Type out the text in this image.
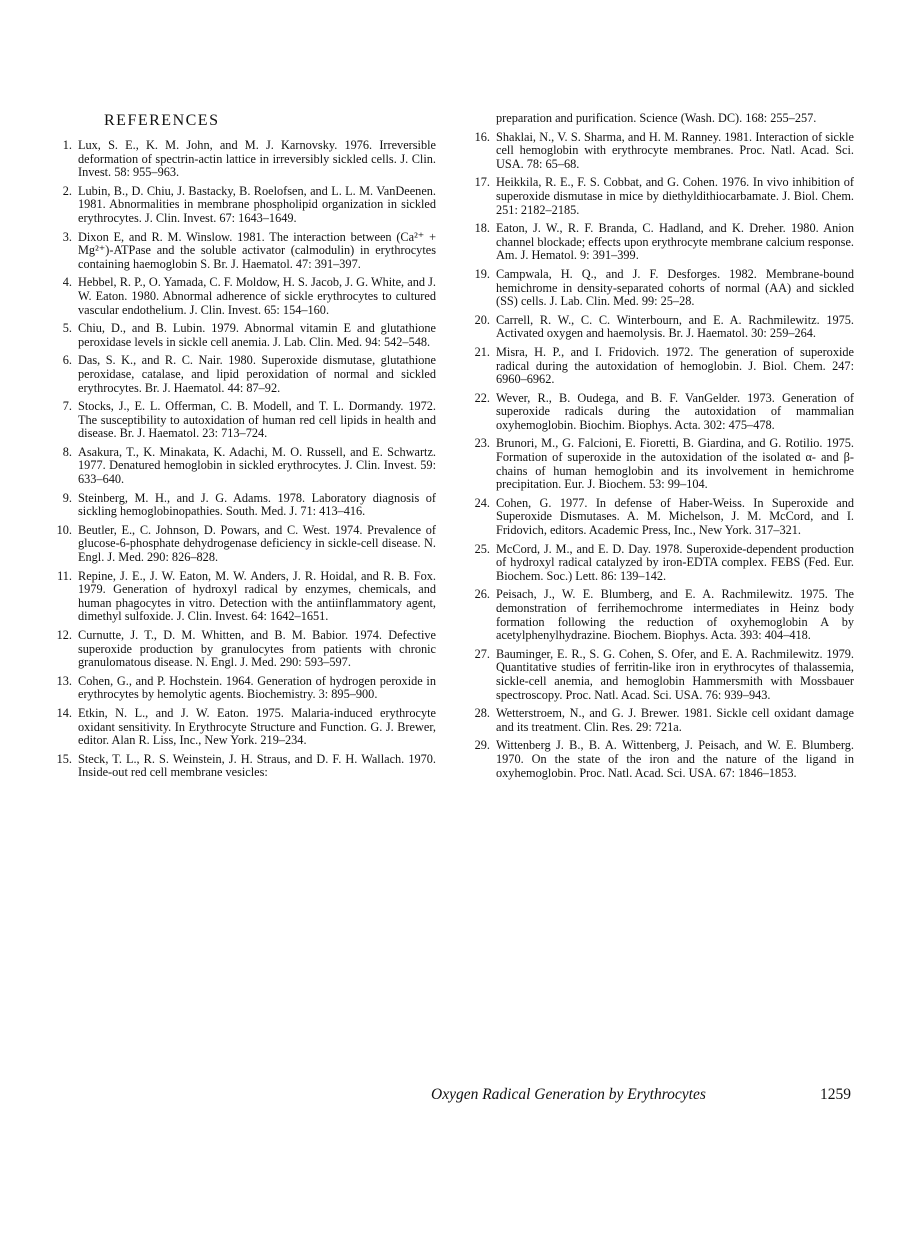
REFERENCES
1. Lux, S. E., K. M. John, and M. J. Karnovsky. 1976. Irreversible deformation of spectrin-actin lattice in irreversibly sickled cells. J. Clin. Invest. 58: 955–963.
2. Lubin, B., D. Chiu, J. Bastacky, B. Roelofsen, and L. L. M. VanDeenen. 1981. Abnormalities in membrane phospholipid organization in sickled erythrocytes. J. Clin. Invest. 67: 1643–1649.
3. Dixon E, and R. M. Winslow. 1981. The interaction between (Ca²⁺ + Mg²⁺)-ATPase and the soluble activator (calmodulin) in erythrocytes containing haemoglobin S. Br. J. Haematol. 47: 391–397.
4. Hebbel, R. P., O. Yamada, C. F. Moldow, H. S. Jacob, J. G. White, and J. W. Eaton. 1980. Abnormal adherence of sickle erythrocytes to cultured vascular endothelium. J. Clin. Invest. 65: 154–160.
5. Chiu, D., and B. Lubin. 1979. Abnormal vitamin E and glutathione peroxidase levels in sickle cell anemia. J. Lab. Clin. Med. 94: 542–548.
6. Das, S. K., and R. C. Nair. 1980. Superoxide dismutase, glutathione peroxidase, catalase, and lipid peroxidation of normal and sickled erythrocytes. Br. J. Haematol. 44: 87–92.
7. Stocks, J., E. L. Offerman, C. B. Modell, and T. L. Dormandy. 1972. The susceptibility to autoxidation of human red cell lipids in health and disease. Br. J. Haematol. 23: 713–724.
8. Asakura, T., K. Minakata, K. Adachi, M. O. Russell, and E. Schwartz. 1977. Denatured hemoglobin in sickled erythrocytes. J. Clin. Invest. 59: 633–640.
9. Steinberg, M. H., and J. G. Adams. 1978. Laboratory diagnosis of sickling hemoglobinopathies. South. Med. J. 71: 413–416.
10. Beutler, E., C. Johnson, D. Powars, and C. West. 1974. Prevalence of glucose-6-phosphate dehydrogenase deficiency in sickle-cell disease. N. Engl. J. Med. 290: 826–828.
11. Repine, J. E., J. W. Eaton, M. W. Anders, J. R. Hoidal, and R. B. Fox. 1979. Generation of hydroxyl radical by enzymes, chemicals, and human phagocytes in vitro. Detection with the antiinflammatory agent, dimethyl sulfoxide. J. Clin. Invest. 64: 1642–1651.
12. Curnutte, J. T., D. M. Whitten, and B. M. Babior. 1974. Defective superoxide production by granulocytes from patients with chronic granulomatous disease. N. Engl. J. Med. 290: 593–597.
13. Cohen, G., and P. Hochstein. 1964. Generation of hydrogen peroxide in erythrocytes by hemolytic agents. Biochemistry. 3: 895–900.
14. Etkin, N. L., and J. W. Eaton. 1975. Malaria-induced erythrocyte oxidant sensitivity. In Erythrocyte Structure and Function. G. J. Brewer, editor. Alan R. Liss, Inc., New York. 219–234.
15. Steck, T. L., R. S. Weinstein, J. H. Straus, and D. F. H. Wallach. 1970. Inside-out red cell membrane vesicles:
preparation and purification. Science (Wash. DC). 168: 255–257.
16. Shaklai, N., V. S. Sharma, and H. M. Ranney. 1981. Interaction of sickle cell hemoglobin with erythrocyte membranes. Proc. Natl. Acad. Sci. USA. 78: 65–68.
17. Heikkila, R. E., F. S. Cobbat, and G. Cohen. 1976. In vivo inhibition of superoxide dismutase in mice by diethyldithiocarbamate. J. Biol. Chem. 251: 2182–2185.
18. Eaton, J. W., R. F. Branda, C. Hadland, and K. Dreher. 1980. Anion channel blockade; effects upon erythrocyte membrane calcium response. Am. J. Hematol. 9: 391–399.
19. Campwala, H. Q., and J. F. Desforges. 1982. Membrane-bound hemichrome in density-separated cohorts of normal (AA) and sickled (SS) cells. J. Lab. Clin. Med. 99: 25–28.
20. Carrell, R. W., C. C. Winterbourn, and E. A. Rachmilewitz. 1975. Activated oxygen and haemolysis. Br. J. Haematol. 30: 259–264.
21. Misra, H. P., and I. Fridovich. 1972. The generation of superoxide radical during the autoxidation of hemoglobin. J. Biol. Chem. 247: 6960–6962.
22. Wever, R., B. Oudega, and B. F. VanGelder. 1973. Generation of superoxide radicals during the autoxidation of mammalian oxyhemoglobin. Biochim. Biophys. Acta. 302: 475–478.
23. Brunori, M., G. Falcioni, E. Fioretti, B. Giardina, and G. Rotilio. 1975. Formation of superoxide in the autoxidation of the isolated α- and β-chains of human hemoglobin and its involvement in hemichrome precipitation. Eur. J. Biochem. 53: 99–104.
24. Cohen, G. 1977. In defense of Haber-Weiss. In Superoxide and Superoxide Dismutases. A. M. Michelson, J. M. McCord, and I. Fridovich, editors. Academic Press, Inc., New York. 317–321.
25. McCord, J. M., and E. D. Day. 1978. Superoxide-dependent production of hydroxyl radical catalyzed by iron-EDTA complex. FEBS (Fed. Eur. Biochem. Soc.) Lett. 86: 139–142.
26. Peisach, J., W. E. Blumberg, and E. A. Rachmilewitz. 1975. The demonstration of ferrihemochrome intermediates in Heinz body formation following the reduction of oxyhemoglobin A by acetylphenylhydrazine. Biochem. Biophys. Acta. 393: 404–418.
27. Bauminger, E. R., S. G. Cohen, S. Ofer, and E. A. Rachmilewitz. 1979. Quantitative studies of ferritin-like iron in erythrocytes of thalassemia, sickle-cell anemia, and hemoglobin Hammersmith with Mossbauer spectroscopy. Proc. Natl. Acad. Sci. USA. 76: 939–943.
28. Wetterstroem, N., and G. J. Brewer. 1981. Sickle cell oxidant damage and its treatment. Clin. Res. 29: 721a.
29. Wittenberg J. B., B. A. Wittenberg, J. Peisach, and W. E. Blumberg. 1970. On the state of the iron and the nature of the ligand in oxyhemoglobin. Proc. Natl. Acad. Sci. USA. 67: 1846–1853.
Oxygen Radical Generation by Erythrocytes	1259
